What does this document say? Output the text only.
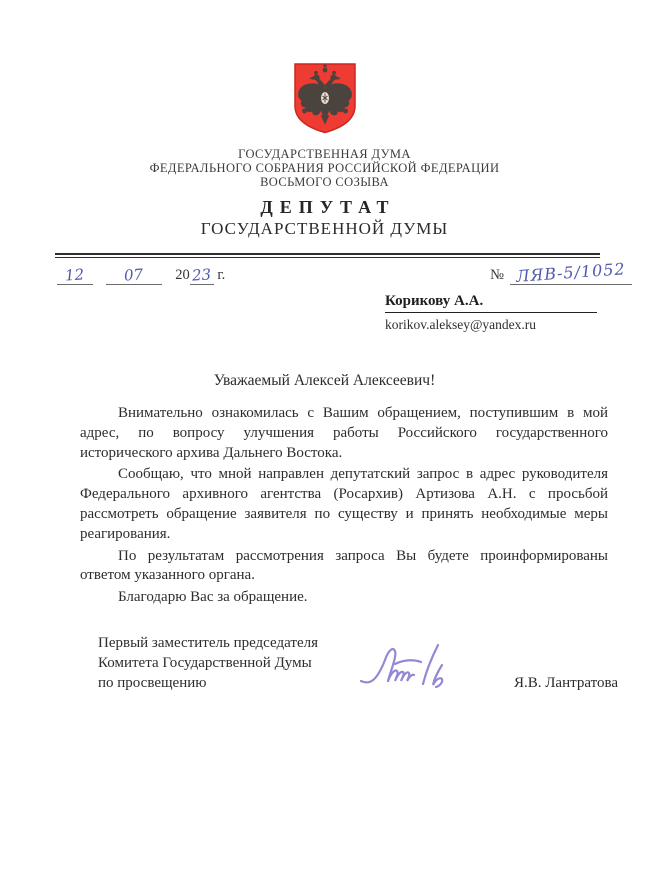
ГОСУДАРСТВЕННАЯ ДУМА
ФЕДЕРАЛЬНОГО СОБРАНИЯ РОССИЙСКОЙ ФЕДЕРАЦИИ
ВОСЬМОГО СОЗЫВА
ДЕПУТАТ
ГОСУДАРСТВЕННОЙ ДУМЫ
12	07 20 23 г.	№ ЛЯВ-5/1052
Корикову А.А.
korikov.aleksey@yandex.ru
Уважаемый Алексей Алексеевич!

Внимательно ознакомилась с Вашим обращением, поступившим в мой адрес, по вопросу улучшения работы Российского государственного исторического архива Дальнего Востока.

Сообщаю, что мной направлен депутатский запрос в адрес руководителя Федерального архивного агентства (Росархив) Артизова А.Н. с просьбой рассмотреть обращение заявителя по существу и принять необходимые меры реагирования.

По результатам рассмотрения запроса Вы будете проинформированы ответом указанного органа.

Благодарю Вас за обращение.

Первый заместитель председателя
Комитета Государственной Думы
по просвещению	Я.В. Лантратова
